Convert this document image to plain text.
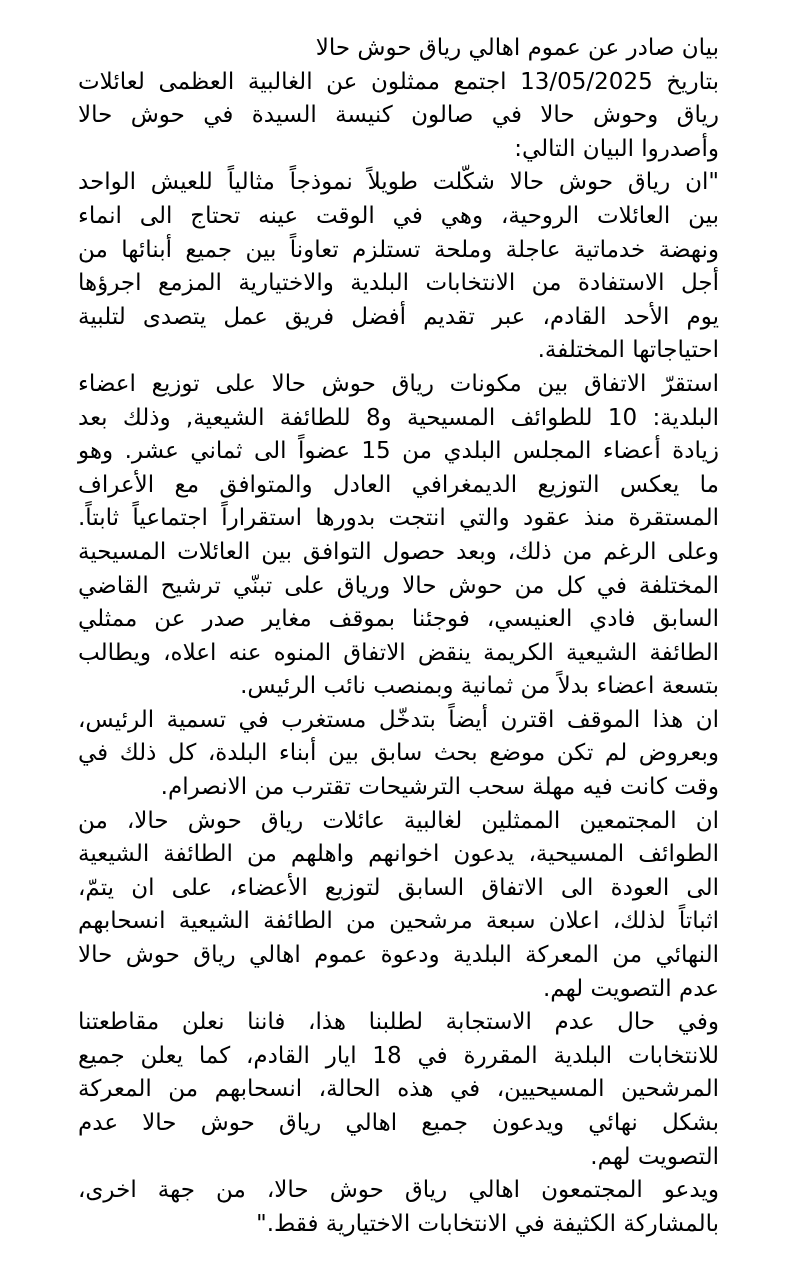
بيان صادر عن عموم اهالي رياق حوش حالا
بتاريخ 13/05/2025 اجتمع ممثلون عن الغالبية العظمى لعائلات
رياق وحوش حالا في صالون كنيسة السيدة في حوش حالا
وأصدروا البيان التالي:
"ان رياق حوش حالا شكّلت طويلاً نموذجاً مثالياً للعيش الواحد
بين العائلات الروحية، وهي في الوقت عينه تحتاج الى انماء
ونهضة خدماتية عاجلة وملحة تستلزم تعاوناً بين جميع أبنائها من
أجل الاستفادة من الانتخابات البلدية والاختيارية المزمع اجرؤها
يوم الأحد القادم، عبر تقديم أفضل فريق عمل يتصدى لتلبية
احتياجاتها المختلفة.
استقرّ الاتفاق بين مكونات رياق حوش حالا على توزيع اعضاء
البلدية: 10 للطوائف المسيحية و8 للطائفة الشيعية, وذلك بعد
زيادة أعضاء المجلس البلدي من 15 عضواً الى ثماني عشر. وهو
ما يعكس التوزيع الديمغرافي العادل والمتوافق مع الأعراف
المستقرة منذ عقود والتي انتجت بدورها استقراراً اجتماعياً ثابتاً.
وعلى الرغم من ذلك، وبعد حصول التوافق بين العائلات المسيحية
المختلفة في كل من حوش حالا ورياق على تبنّي ترشيح القاضي
السابق فادي العنيسي، فوجئنا بموقف مغاير صدر عن ممثلي
الطائفة الشيعية الكريمة ينقض الاتفاق المنوه عنه اعلاه، ويطالب
بتسعة اعضاء بدلاً من ثمانية وبمنصب نائب الرئيس.
ان هذا الموقف اقترن أيضاً بتدخّل مستغرب في تسمية الرئيس،
وبعروض لم تكن موضع بحث سابق بين أبناء البلدة، كل ذلك في
وقت كانت فيه مهلة سحب الترشيحات تقترب من الانصرام.
ان المجتمعين الممثلين لغالبية عائلات رياق حوش حالا، من
الطوائف المسيحية، يدعون اخوانهم واهلهم من الطائفة الشيعية
الى العودة الى الاتفاق السابق لتوزيع الأعضاء، على ان يتمّ،
اثباتاً لذلك، اعلان سبعة مرشحين من الطائفة الشيعية انسحابهم
النهائي من المعركة البلدية ودعوة عموم اهالي رياق حوش حالا
عدم التصويت لهم.
وفي حال عدم الاستجابة لطلبنا هذا، فاننا نعلن مقاطعتنا
للانتخابات البلدية المقررة في 18 ايار القادم، كما يعلن جميع
المرشحين المسيحيين، في هذه الحالة، انسحابهم من المعركة
بشكل نهائي ويدعون جميع اهالي رياق حوش حالا عدم
التصويت لهم.
ويدعو المجتمعون اهالي رياق حوش حالا، من جهة اخرى،
بالمشاركة الكثيفة في الانتخابات الاختيارية فقط."
